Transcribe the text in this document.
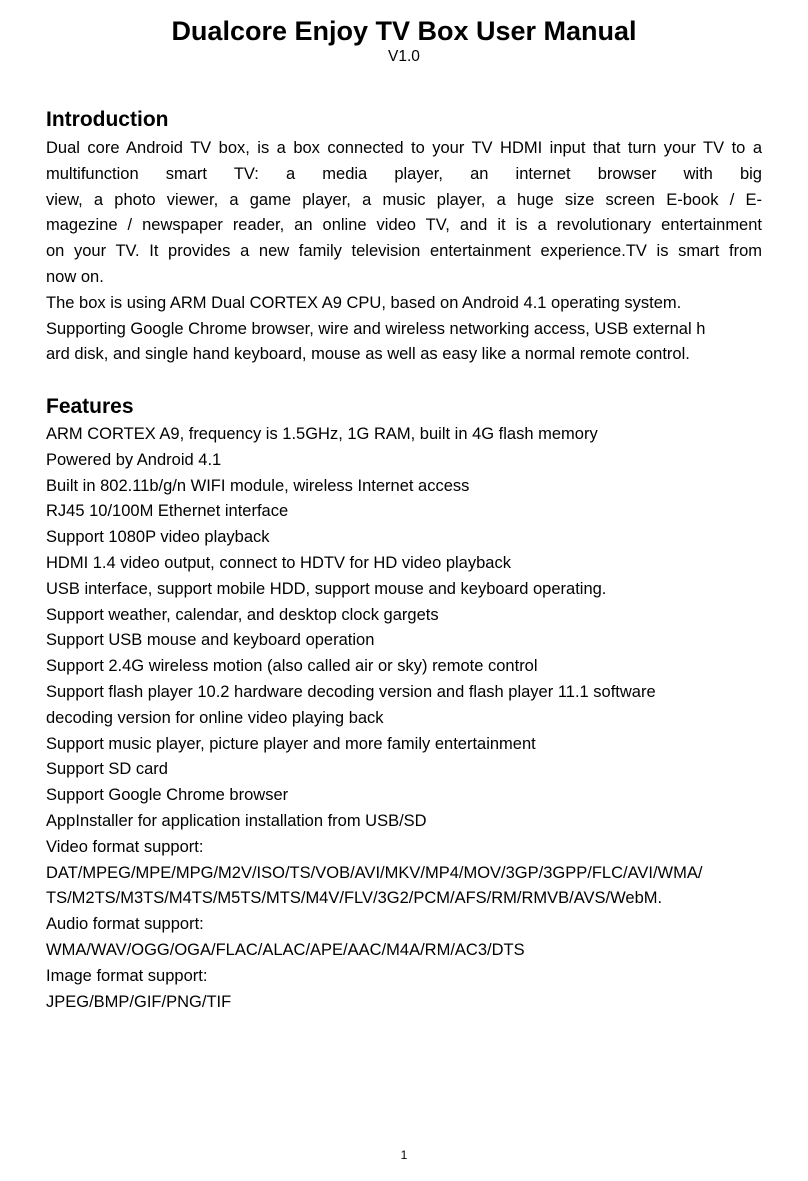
Dualcore Enjoy TV Box User Manual
V1.0
Introduction
Dual core Android TV box, is a box connected to your TV HDMI input that turn your TV to a
multifunction smart TV: a media player, an internet browser with big
view, a photo viewer, a game player, a music player, a huge size screen E-book / E-
magezine / newspaper reader, an online video TV, and it is a revolutionary entertainment
on your TV. It provides a new family television entertainment experience.TV is smart from
now on.
The box is using ARM Dual CORTEX A9 CPU, based on Android 4.1 operating system.
Supporting Google Chrome browser, wire and wireless networking access, USB external h
ard disk, and single hand keyboard, mouse as well as easy like a normal remote control.
Features
ARM CORTEX A9, frequency is 1.5GHz, 1G RAM, built in 4G flash memory
Powered by Android 4.1
Built in 802.11b/g/n WIFI module, wireless Internet access
RJ45 10/100M Ethernet interface
Support 1080P video playback
HDMI 1.4 video output, connect to HDTV for HD video playback
USB interface, support mobile HDD, support mouse and keyboard operating.
Support weather, calendar, and desktop clock gargets
Support USB mouse and keyboard operation
Support 2.4G wireless motion (also called air or sky) remote control
Support flash player 10.2 hardware decoding version and flash player 11.1 software
decoding version for online video playing back
Support music player, picture player and more family entertainment
Support SD card
Support Google Chrome browser
AppInstaller for application installation from USB/SD
Video format support:
DAT/MPEG/MPE/MPG/M2V/ISO/TS/VOB/AVI/MKV/MP4/MOV/3GP/3GPP/FLC/AVI/WMA/
TS/M2TS/M3TS/M4TS/M5TS/MTS/M4V/FLV/3G2/PCM/AFS/RM/RMVB/AVS/WebM.
Audio format support:
WMA/WAV/OGG/OGA/FLAC/ALAC/APE/AAC/M4A/RM/AC3/DTS
Image format support:
JPEG/BMP/GIF/PNG/TIF
1
